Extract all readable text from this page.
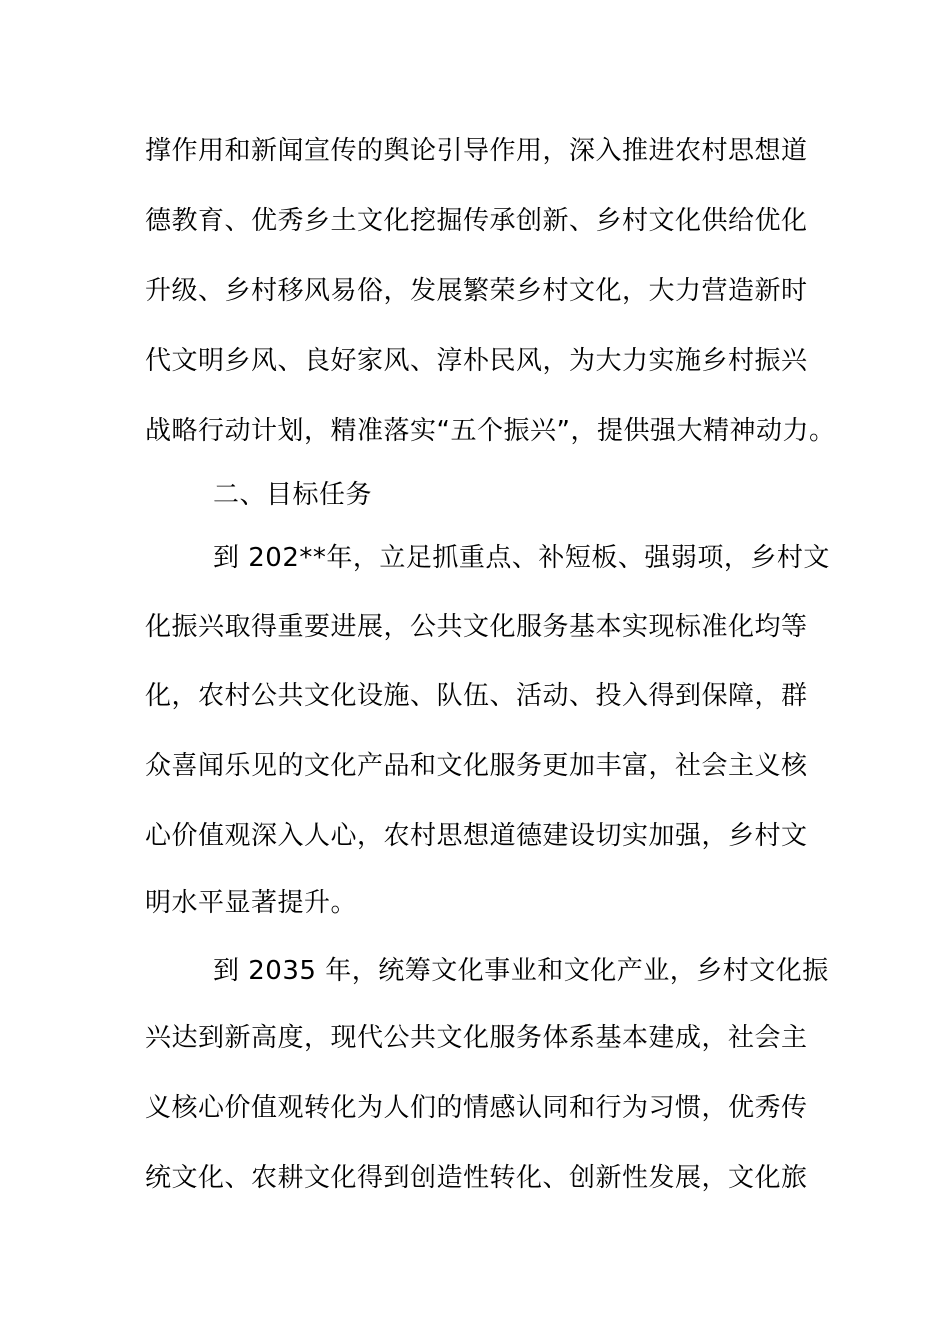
撑作用和新闻宣传的舆论引导作用，深入推进农村思想道
德教育、优秀乡土文化挖掘传承创新、乡村文化供给优化
升级、乡村移风易俗，发展繁荣乡村文化，大力营造新时
代文明乡风、良好家风、淳朴民风，为大力实施乡村振兴
战略行动计划，精准落实“五个振兴”，提供强大精神动力。
二、目标任务
到 202**年，立足抓重点、补短板、强弱项，乡村文
化振兴取得重要进展，公共文化服务基本实现标准化均等
化，农村公共文化设施、队伍、活动、投入得到保障，群
众喜闻乐见的文化产品和文化服务更加丰富，社会主义核
心价值观深入人心，农村思想道德建设切实加强，乡村文
明水平显著提升。
到 2035 年，统筹文化事业和文化产业，乡村文化振
兴达到新高度，现代公共文化服务体系基本建成，社会主
义核心价值观转化为人们的情感认同和行为习惯，优秀传
统文化、农耕文化得到创造性转化、创新性发展，文化旅
